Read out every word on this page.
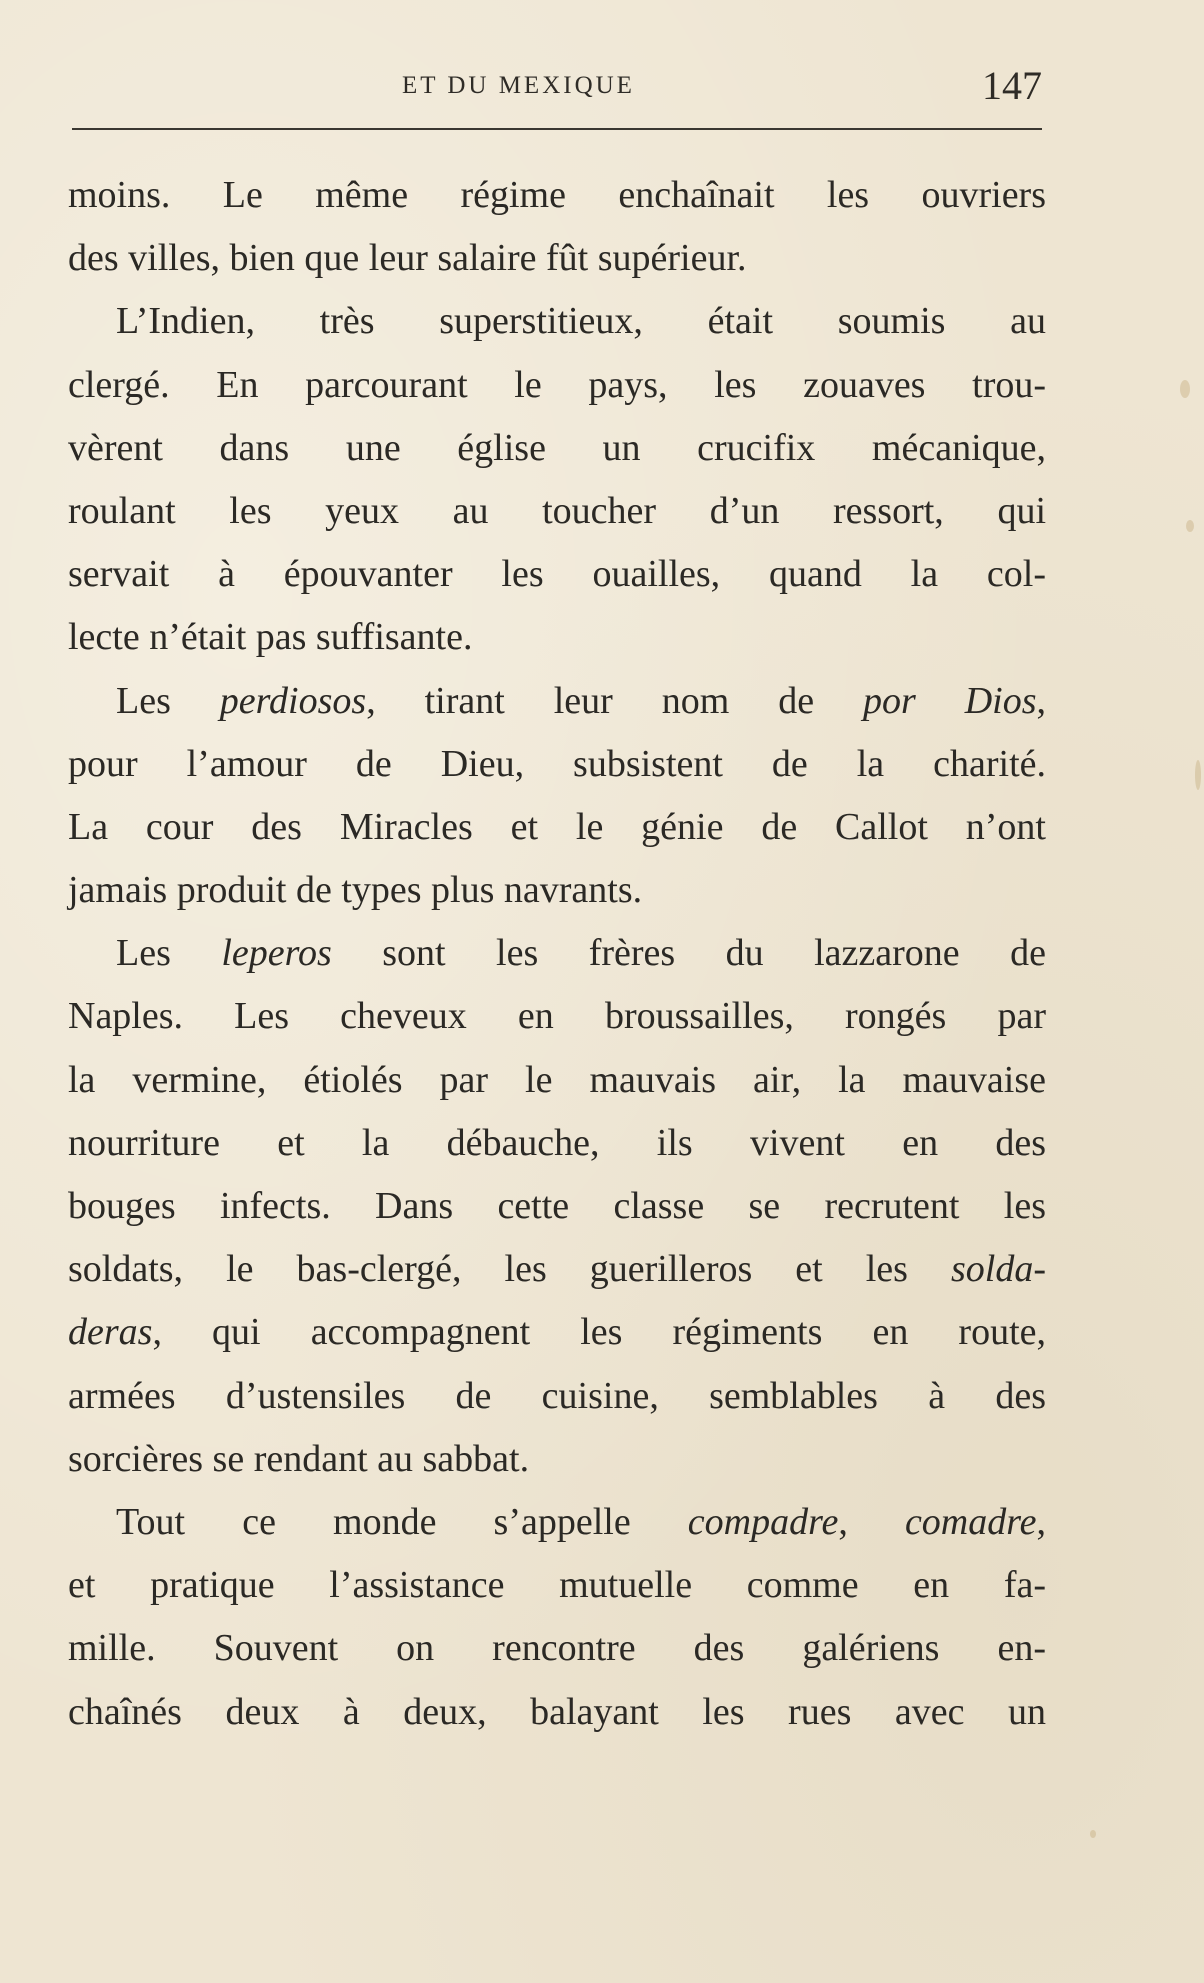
ET DU MEXIQUE	147
moins. Le même régime enchaînait les ouvriers
des villes, bien que leur salaire fût supérieur.
L’Indien, très superstitieux, était soumis au
clergé. En parcourant le pays, les zouaves trou-
vèrent dans une église un crucifix mécanique,
roulant les yeux au toucher d’un ressort, qui
servait à épouvanter les ouailles, quand la col-
lecte n’était pas suffisante.
Les perdiosos, tirant leur nom de por Dios,
pour l’amour de Dieu, subsistent de la charité.
La cour des Miracles et le génie de Callot n’ont
jamais produit de types plus navrants.
Les leperos sont les frères du lazzarone de
Naples. Les cheveux en broussailles, rongés par
la vermine, étiolés par le mauvais air, la mauvaise
nourriture et la débauche, ils vivent en des
bouges infects. Dans cette classe se recrutent les
soldats, le bas-clergé, les guerilleros et les solda-
deras, qui accompagnent les régiments en route,
armées d’ustensiles de cuisine, semblables à des
sorcières se rendant au sabbat.
Tout ce monde s’appelle compadre, comadre,
et pratique l’assistance mutuelle comme en fa-
mille. Souvent on rencontre des galériens en-
chaînés deux à deux, balayant les rues avec un
